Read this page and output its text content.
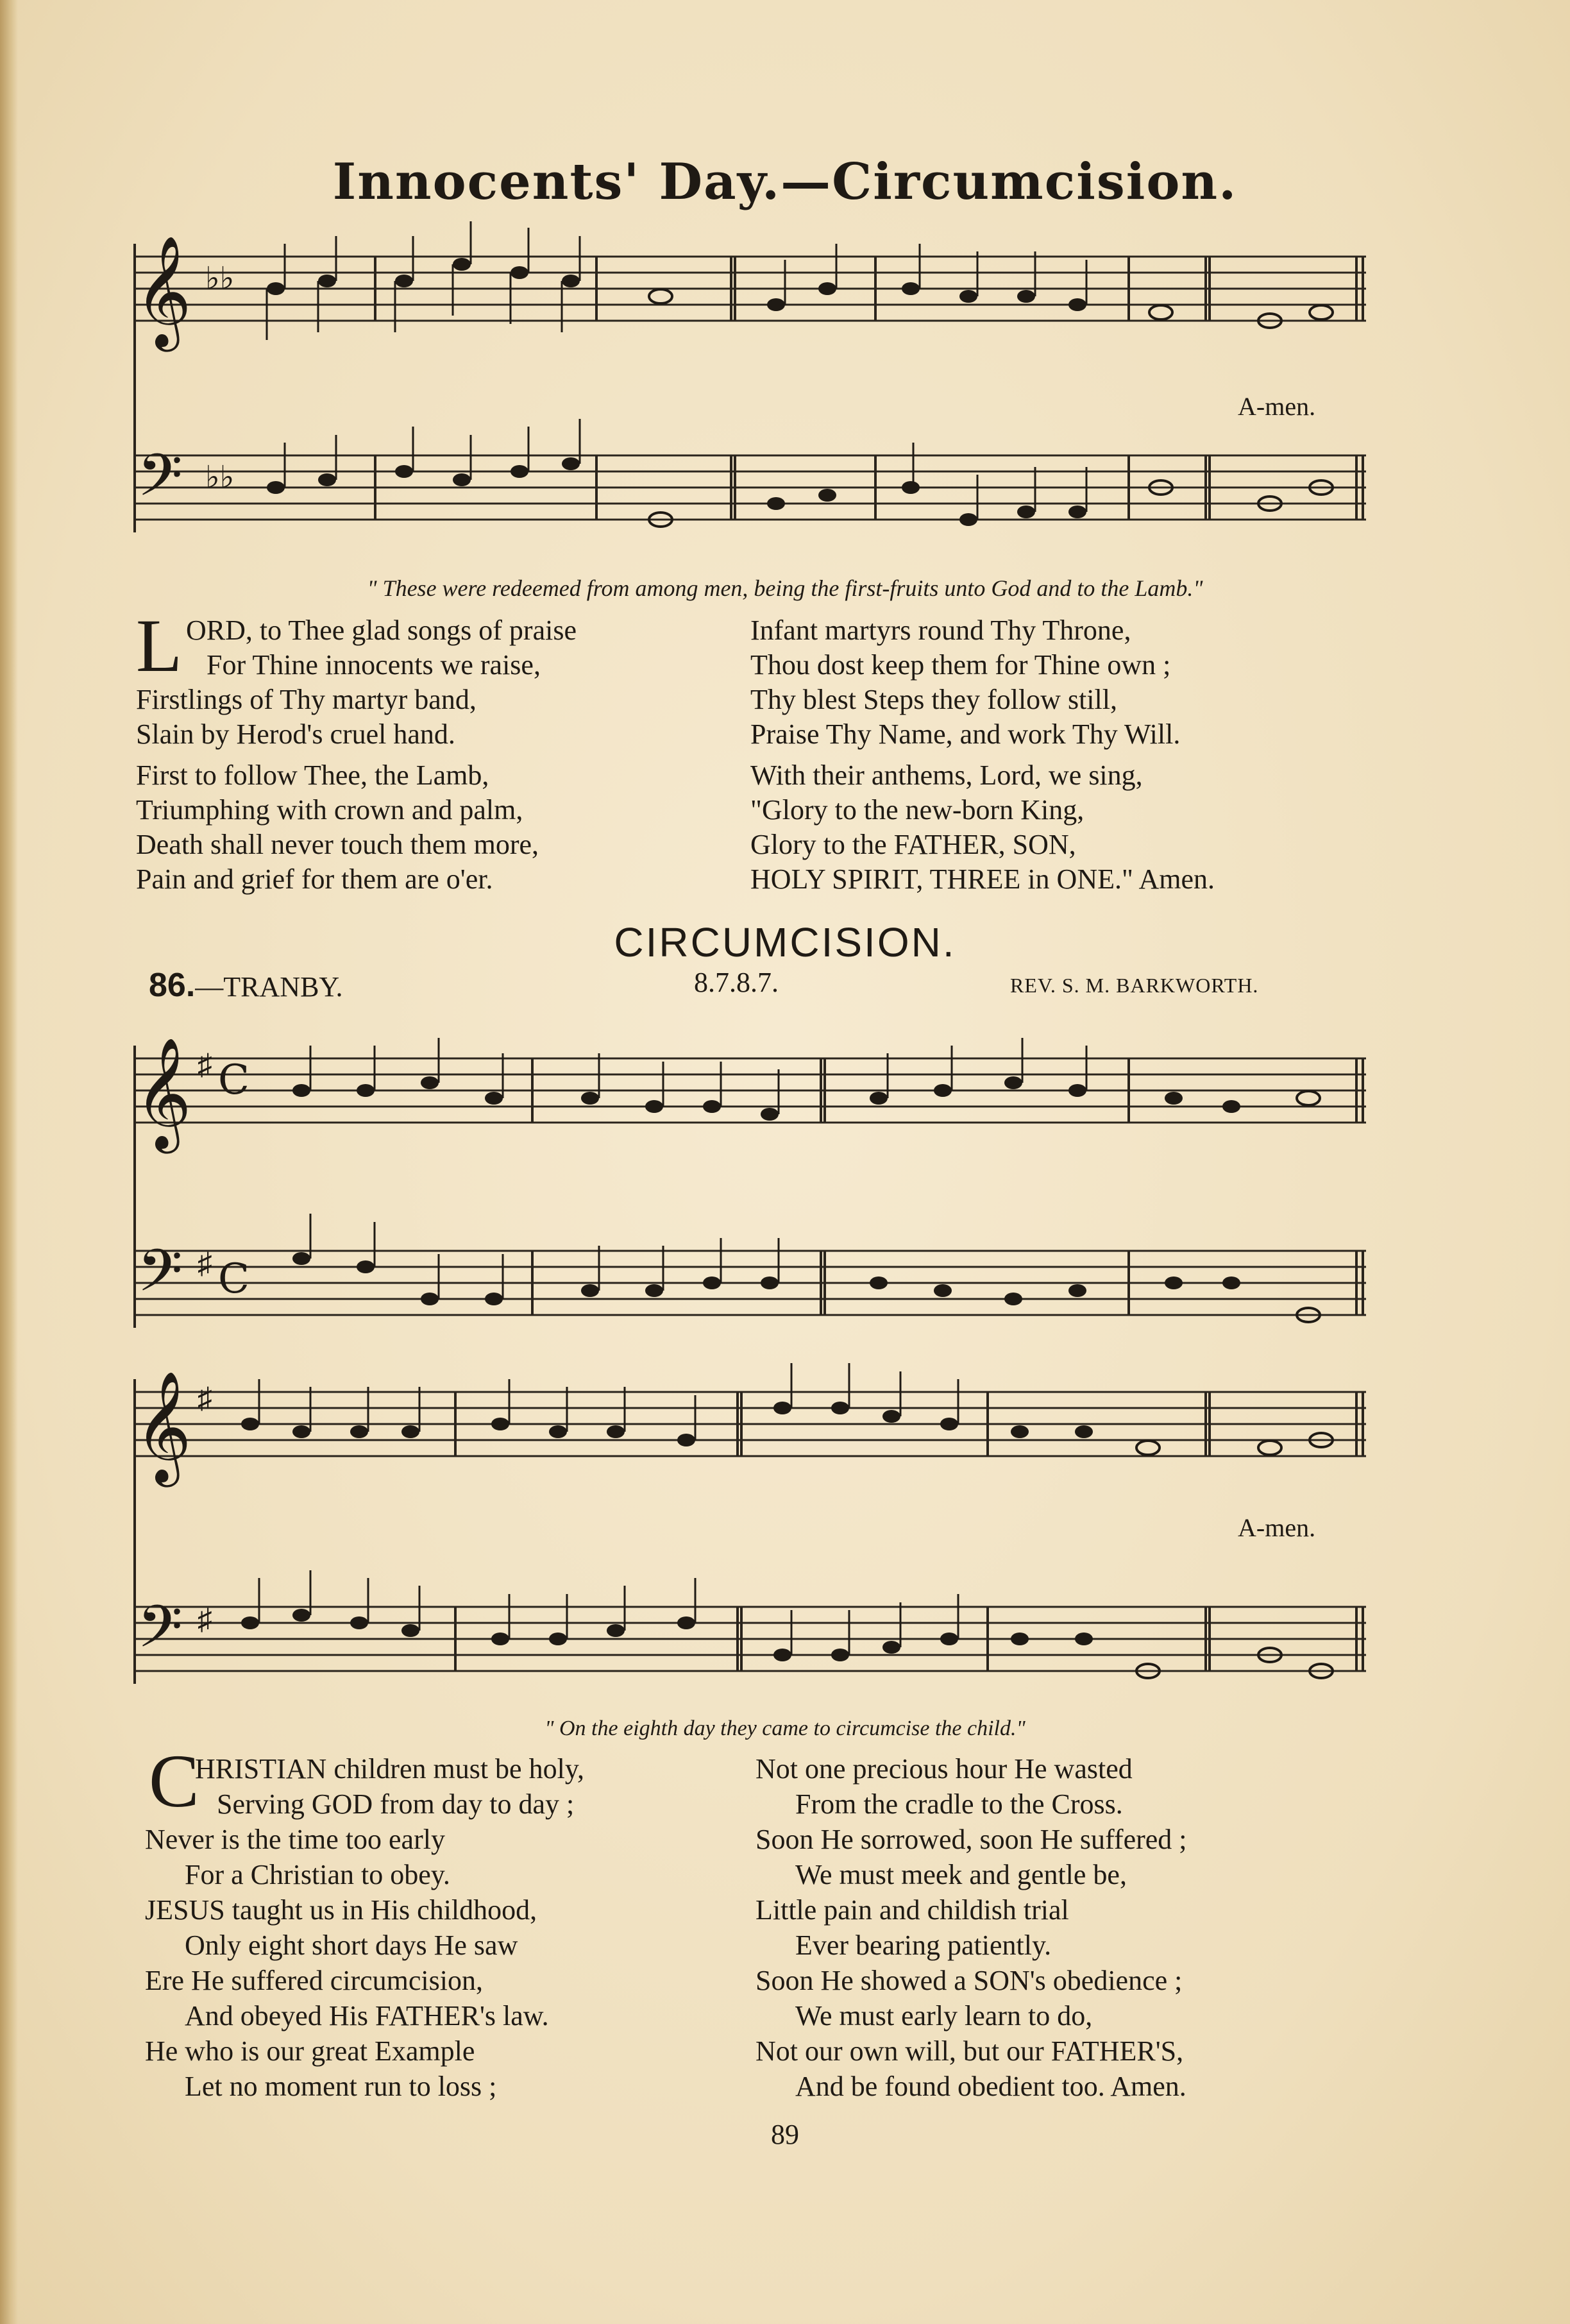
Innocents' Day.—Circumcision.
𝄞
𝄢
♭♭
♭♭
A-men.
" These were redeemed from among men, being the first-fruits unto God and to the Lamb."
L ORD, to Thee glad songs of praise
For Thine innocents we raise,
Firstlings of Thy martyr band,
Slain by Herod's cruel hand.
First to follow Thee, the Lamb,
Triumphing with crown and palm,
Death shall never touch them more,
Pain and grief for them are o'er.
Infant martyrs round Thy Throne,
Thou dost keep them for Thine own ;
Thy blest Steps they follow still,
Praise Thy Name, and work Thy Will.
With their anthems, Lord, we sing,
"Glory to the new-born King,
Glory to the FATHER, SON,
HOLY SPIRIT, THREE in ONE." Amen.
CIRCUMCISION.
86.—TRANBY.	8.7.8.7.	REV. S. M. BARKWORTH.
𝄞
𝄢
♯
♯
C
C
𝄞
𝄢
♯
♯
A-men.
" On the eighth day they came to circumcise the child."
C
HRISTIAN children must be holy,
Serving GOD from day to day ;
Never is the time too early
For a Christian to obey.
JESUS taught us in His childhood,
Only eight short days He saw
Ere He suffered circumcision,
And obeyed His FATHER's law.
He who is our great Example
Let no moment run to loss ;
Not one precious hour He wasted
From the cradle to the Cross.
Soon He sorrowed, soon He suffered ;
We must meek and gentle be,
Little pain and childish trial
Ever bearing patiently.
Soon He showed a SON's obedience ;
We must early learn to do,
Not our own will, but our FATHER'S,
And be found obedient too. Amen.
89
